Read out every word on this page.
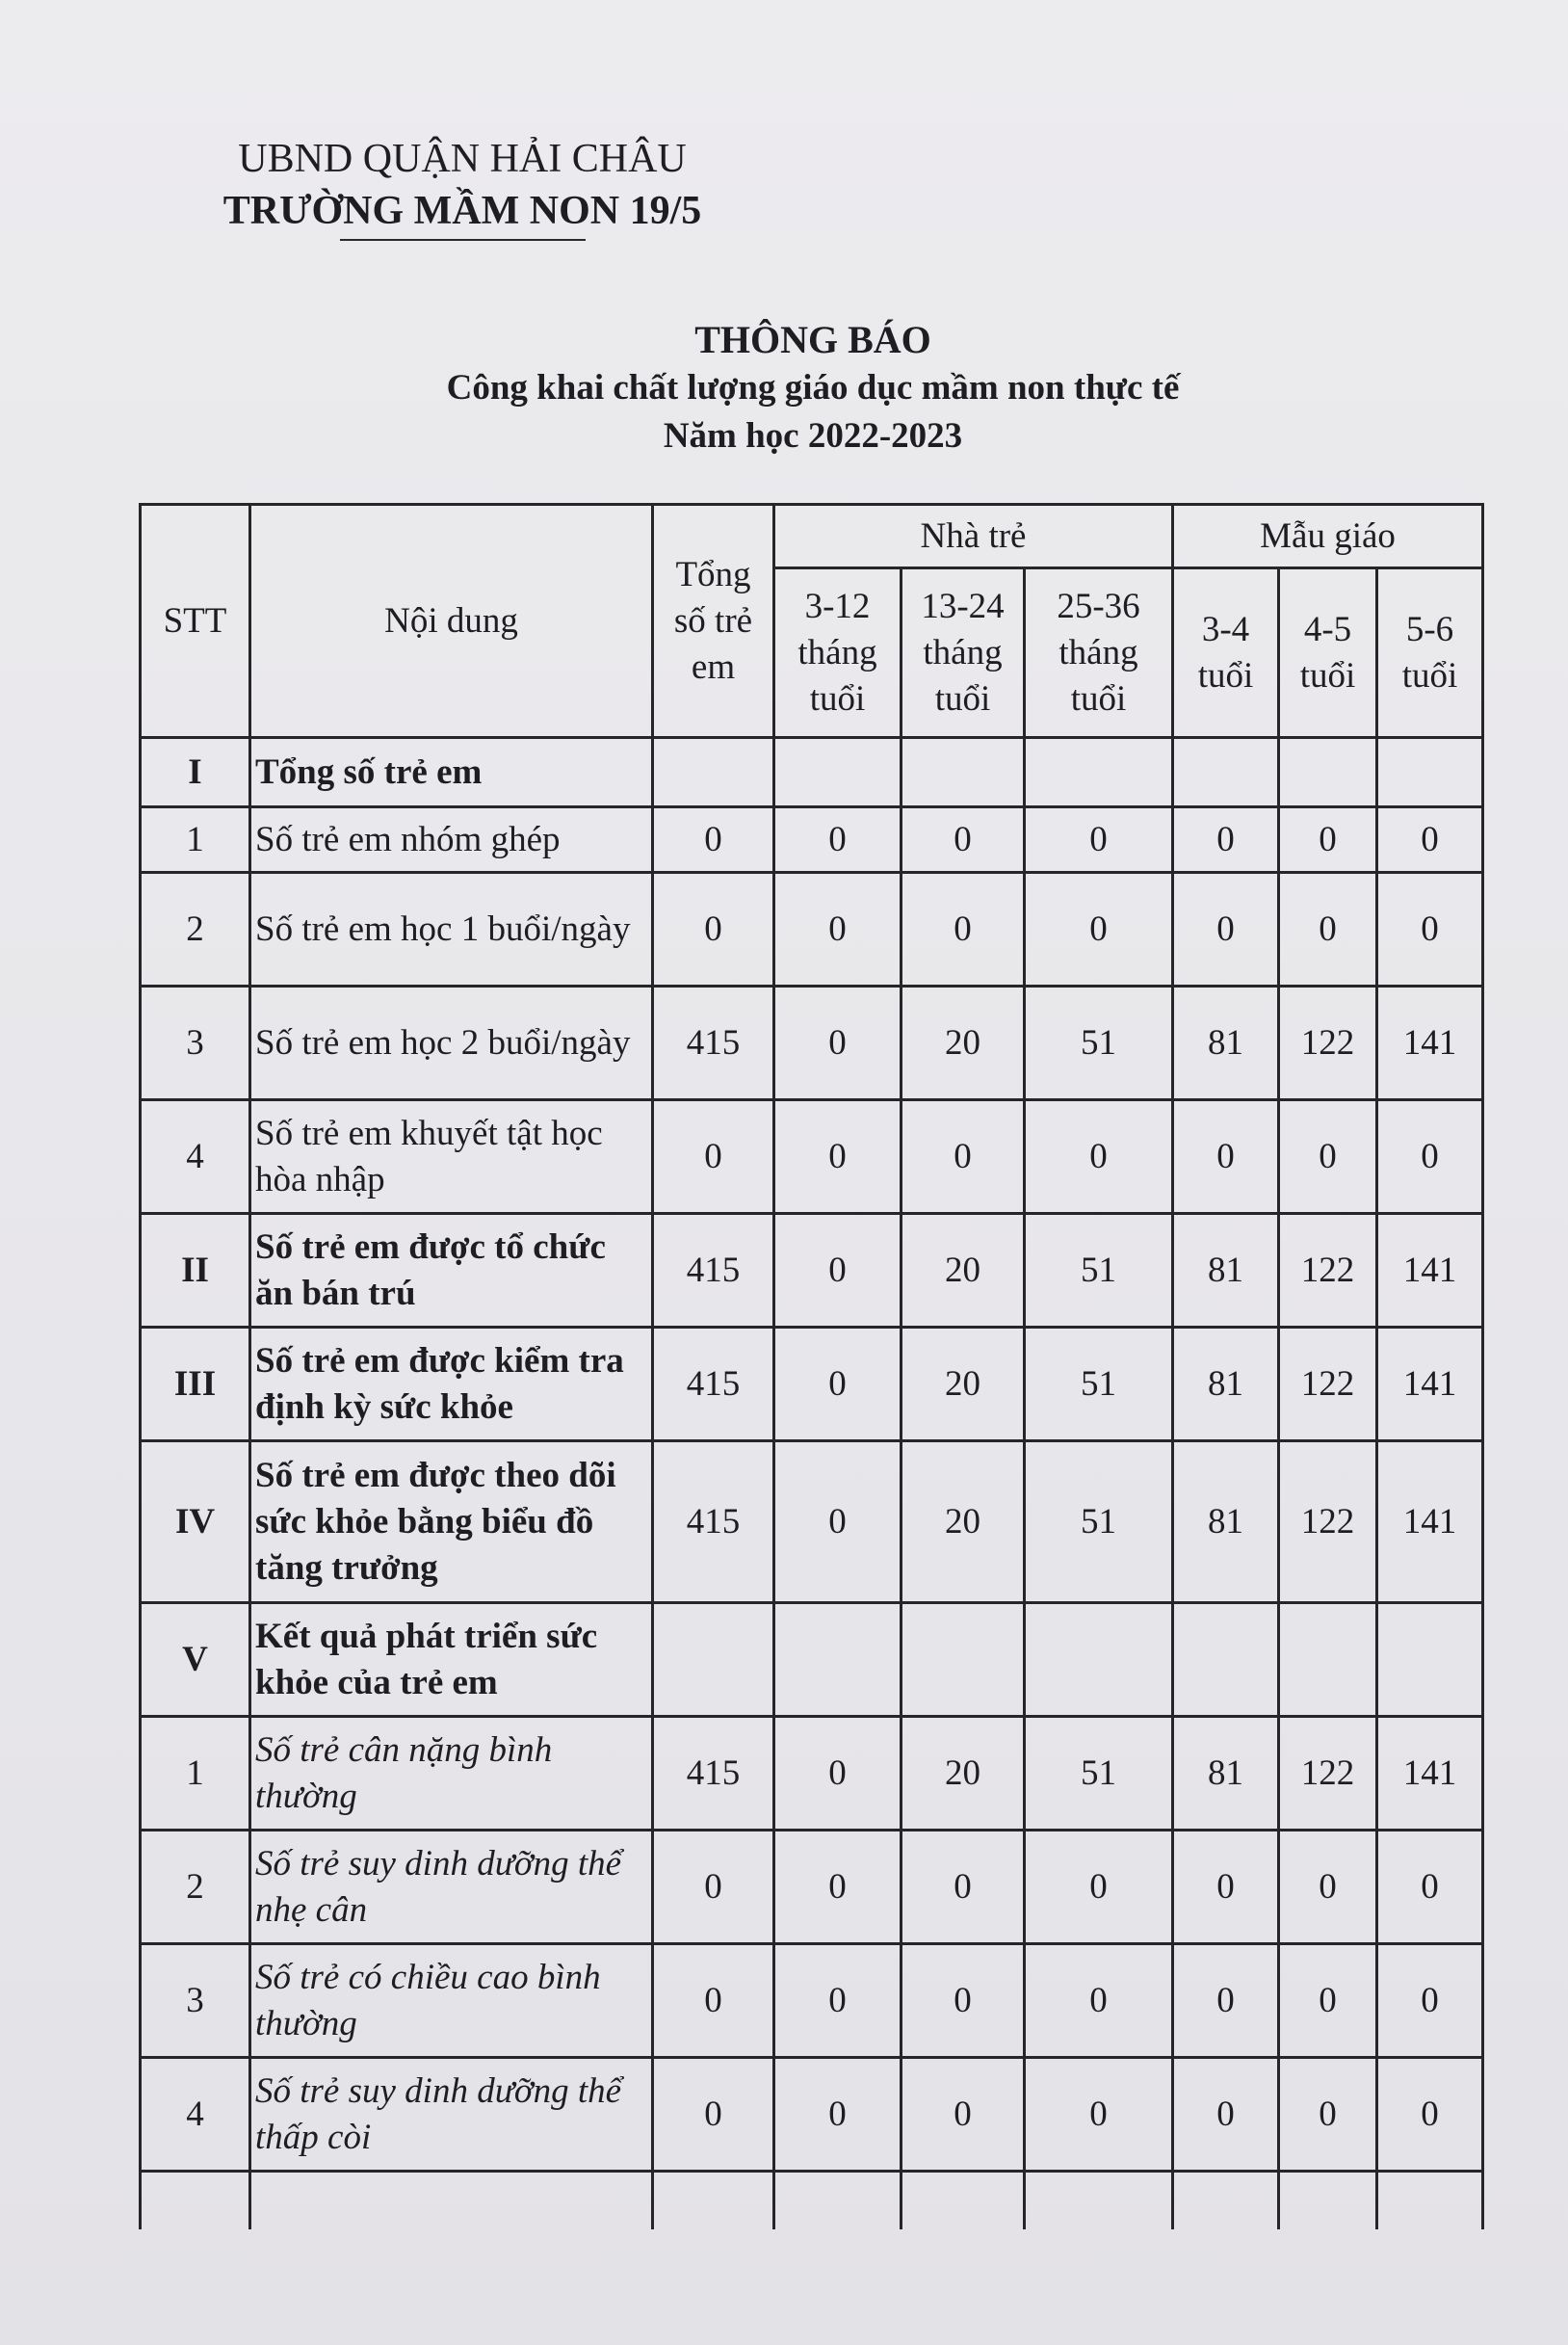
UBND QUẬN HẢI CHÂU
TRƯỜNG MẦM NON 19/5
THÔNG BÁO
Công khai chất lượng giáo dục mầm non thực tế
Năm học 2022-2023
STT	Nội dung	Tổng số trẻ em	Nhà trẻ			Mẫu giáo		
			3-12 tháng tuổi	13-24 tháng tuổi	25-36 tháng tuổi	3-4 tuổi	4-5 tuổi	5-6 tuổi
I	Tổng số trẻ em							
1	Số trẻ em nhóm ghép	0	0	0	0	0	0	0
2	Số trẻ em học 1 buổi/ngày	0	0	0	0	0	0	0
3	Số trẻ em học 2 buổi/ngày	415	0	20	51	81	122	141
4	Số trẻ em khuyết tật học hòa nhập	0	0	0	0	0	0	0
II	Số trẻ em được tổ chức ăn bán trú	415	0	20	51	81	122	141
III	Số trẻ em được kiểm tra định kỳ sức khỏe	415	0	20	51	81	122	141
IV	Số trẻ em được theo dõi sức khỏe bằng biểu đồ tăng trưởng	415	0	20	51	81	122	141
V	Kết quả phát triển sức khỏe của trẻ em							
1	Số trẻ cân nặng bình thường	415	0	20	51	81	122	141
2	Số trẻ suy dinh dưỡng thể nhẹ cân	0	0	0	0	0	0	0
3	Số trẻ có chiều cao bình thường	0	0	0	0	0	0	0
4	Số trẻ suy dinh dưỡng thể thấp còi	0	0	0	0	0	0	0
